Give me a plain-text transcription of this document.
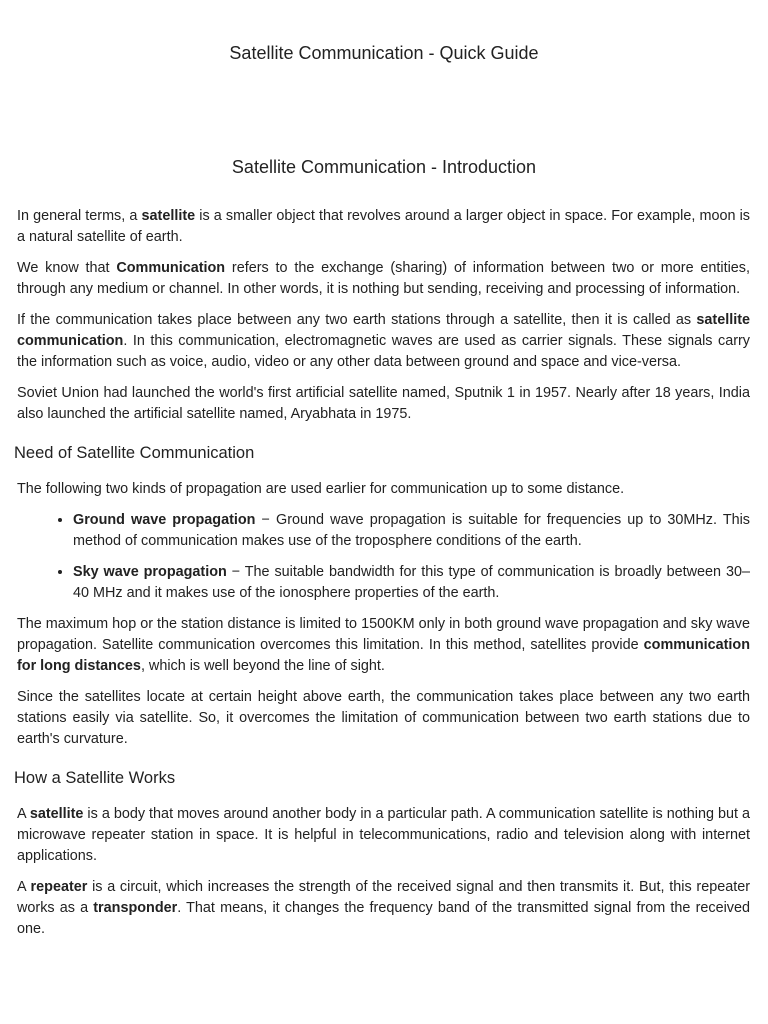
Satellite Communication - Quick Guide
Satellite Communication - Introduction

In general terms, a satellite is a smaller object that revolves around a larger object in space. For example, moon is a natural satellite of earth.

We know that Communication refers to the exchange (sharing) of information between two or more entities, through any medium or channel. In other words, it is nothing but sending, receiving and processing of information.

If the communication takes place between any two earth stations through a satellite, then it is called as satellite communication. In this communication, electromagnetic waves are used as carrier signals. These signals carry the information such as voice, audio, video or any other data between ground and space and vice-versa.

Soviet Union had launched the world's first artificial satellite named, Sputnik 1 in 1957. Nearly after 18 years, India also launched the artificial satellite named, Aryabhata in 1975.

Need of Satellite Communication

The following two kinds of propagation are used earlier for communication up to some distance.

• Ground wave propagation − Ground wave propagation is suitable for frequencies up to 30MHz. This method of communication makes use of the troposphere conditions of the earth.
• Sky wave propagation − The suitable bandwidth for this type of communication is broadly between 30–40 MHz and it makes use of the ionosphere properties of the earth.

The maximum hop or the station distance is limited to 1500KM only in both ground wave propagation and sky wave propagation. Satellite communication overcomes this limitation. In this method, satellites provide communication for long distances, which is well beyond the line of sight.

Since the satellites locate at certain height above earth, the communication takes place between any two earth stations easily via satellite. So, it overcomes the limitation of communication between two earth stations due to earth's curvature.

How a Satellite Works

A satellite is a body that moves around another body in a particular path. A communication satellite is nothing but a microwave repeater station in space. It is helpful in telecommunications, radio and television along with internet applications.

A repeater is a circuit, which increases the strength of the received signal and then transmits it. But, this repeater works as a transponder. That means, it changes the frequency band of the transmitted signal from the received one.
